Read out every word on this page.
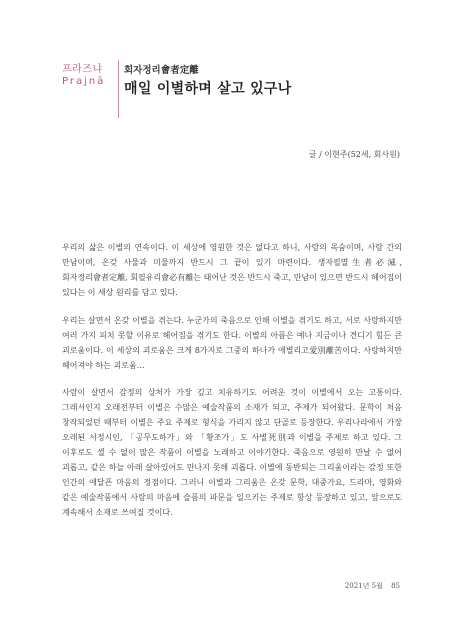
프라즈냐
Prajnā
회자정리會者定離
매일 이별하며 살고 있구나
글 / 이현주(52세, 회사원)

우리의 삶은 이별의 연속이다. 이 세상에 영원한 것은 없다고 하니, 사람의 목숨이며, 사람 간의 만남이며, 온갖 사물과 미물까지 반드시 그 끝이 있기 마련이다. 생자필멸生者必滅, 회자정리會者定離, 회필유리會必有離는 태어난 것은 반드시 죽고, 만남이 있으면 반드시 헤어짐이 있다는 이 세상 원리를 담고 있다.

우리는 살면서 온갖 이별을 겪는다. 누군가의 죽음으로 인해 이별을 겪기도 하고, 서로 사랑하지만 여러 가지 피치 못할 이유로 헤어짐을 겪기도 한다. 이별의 아픔은 예나 지금이나 견디기 힘든 큰 괴로움이다. 이 세상의 괴로움은 크게 8가지로 그중의 하나가 애별리고愛別離苦이다. 사랑하지만 헤어져야 하는 괴로움…

사람이 살면서 감정의 상처가 가장 깊고 치유하기도 어려운 것이 이별에서 오는 고통이다. 그래서인지 오래전부터 이별은 수많은 예술작품의 소재가 되고, 주제가 되어왔다. 문학이 처음 창작되었던 때부터 이별은 주요 주제로 형식을 가리지 않고 단골로 등장한다. 우리나라에서 가장 오래된 서정시인, 「공무도하가」와 「황조가」도 사별死別과 이별을 주제로 하고 있다. 그 이후로도 셀 수 없이 많은 작품이 이별을 노래하고 이야기한다. 죽음으로 영원히 만날 수 없어 괴롭고, 같은 하늘 아래 살아있어도 만나지 못해 괴롭다. 이별에 동반되는 그리움이라는 감정 또한 인간의 애달픈 마음의 정점이다. 그러니 이별과 그리움은 온갖 문학, 대중가요, 드라마, 영화와 같은 예술작품에서 사람의 마음에 슬픔의 파문을 일으키는 주제로 항상 등장하고 있고, 앞으로도 계속해서 소재로 쓰여질 것이다.

2021년 5월 85
